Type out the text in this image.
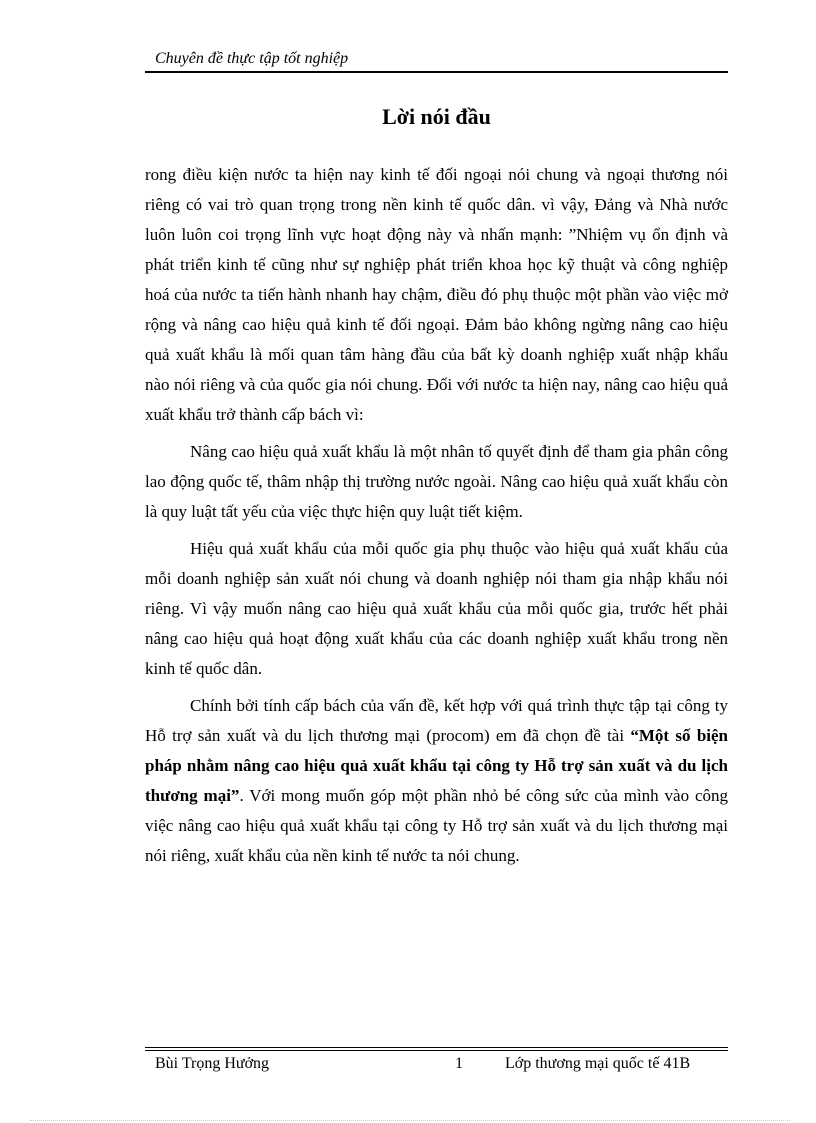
Chuyên đề thực tập tốt nghiệp
Lời nói đầu

rong điều kiện nước ta hiện nay kinh tế đối ngoại nói chung và ngoại thương nói riêng có vai trò quan trọng trong nền kinh tế quốc dân. vì vậy, Đảng và Nhà nước luôn luôn coi trọng lĩnh vực hoạt động này và nhấn mạnh: ”Nhiệm vụ ổn định và phát triển kinh tế cũng như sự nghiệp phát triển khoa học kỹ thuật và công nghiệp hoá của nước ta tiến hành nhanh hay chậm, điều đó phụ thuộc một phần vào việc mở rộng và nâng cao hiệu quả kinh tế đối ngoại. Đảm bảo không ngừng nâng cao hiệu quả xuất khẩu là mối quan tâm hàng đầu của bất kỳ doanh nghiệp xuất nhập khẩu nào nói riêng và của quốc gia nói chung. Đối với nước ta hiện nay, nâng cao hiệu quả xuất khẩu trở thành cấp bách vì:

Nâng cao hiệu quả xuất khẩu là một nhân tố quyết định để tham gia phân công lao động quốc tế, thâm nhập thị trường nước ngoài. Nâng cao hiệu quả xuất khẩu còn là quy luật tất yếu của việc thực hiện quy luật tiết kiệm.

Hiệu quả xuất khẩu của mỗi quốc gia phụ thuộc vào hiệu quả xuất khẩu của mỗi doanh nghiệp sản xuất nói chung và doanh nghiệp nói tham gia nhập khẩu nói riêng. Vì vậy muốn nâng cao hiệu quả xuất khẩu của mỗi quốc gia, trước hết phải nâng cao hiệu quả hoạt động xuất khẩu của các doanh nghiệp xuất khẩu trong nền kinh tế quốc dân.

Chính bởi tính cấp bách của vấn đề, kết hợp với quá trình thực tập tại công ty Hỗ trợ sản xuất và du lịch thương mại (procom) em đã chọn đề tài “Một số biện pháp nhằm nâng cao hiệu quả xuất khẩu tại công ty Hỗ trợ sản xuất và du lịch thương mại”. Với mong muốn góp một phần nhỏ bé công sức của mình vào công việc nâng cao hiệu quả xuất khẩu tại công ty Hỗ trợ sản xuất và du lịch thương mại nói riêng, xuất khẩu của nền kinh tế nước ta nói chung.

Bùi Trọng Hưởng	1	Lớp thương mại quốc tế 41B
